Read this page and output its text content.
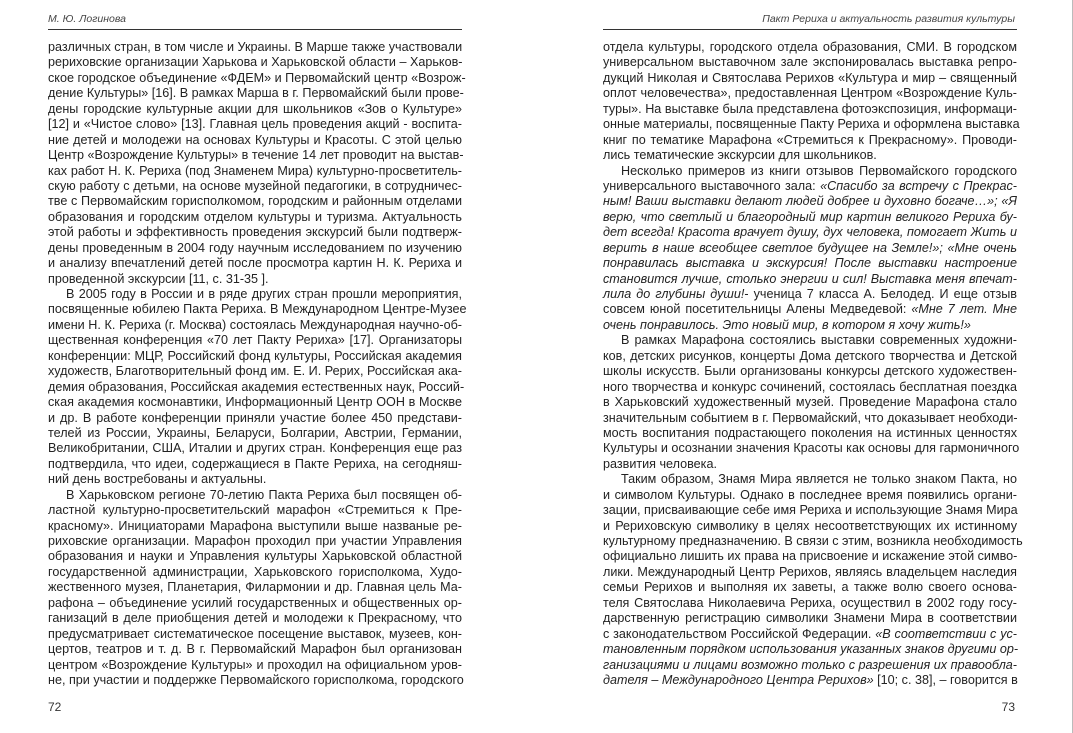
М. Ю. Логинова
различных стран, в том числе и Украины. В Марше также участвовали
рериховские организации Харькова и Харьковской области – Харьков-
ское городское объединение «ФДЕМ» и Первомайский центр «Возрож-
дение Культуры» [16]. В рамках Марша в г. Первомайский были прове-
дены городские культурные акции для школьников «Зов о Культуре»
[12] и «Чистое слово» [13]. Главная цель проведения акций - воспита-
ние детей и молодежи на основах Культуры и Красоты. С этой целью
Центр «Возрождение Культуры» в течение 14 лет проводит на выстав-
ках работ Н. К. Рериха (под Знаменем Мира) культурно-просветитель-
скую работу с детьми, на основе музейной педагогики, в сотрудничес-
тве с Первомайским горисполкомом, городским и районным отделами
образования и городским отделом культуры и туризма. Актуальность
этой работы и эффективность проведения экскурсий были подтверж-
дены проведенным в 2004 году научным исследованием по изучению
и анализу впечатлений детей после просмотра картин Н. К. Рериха и
проведенной экскурсии [11, с. 31-35 ].
В 2005 году в России и в ряде других стран прошли мероприятия,
посвященные юбилею Пакта Рериха. В Международном Центре-Музее
имени Н. К. Рериха (г. Москва) состоялась Международная научно-об-
щественная конференция «70 лет Пакту Рериха» [17]. Организаторы
конференции: МЦР, Российский фонд культуры, Российская академия
художеств, Благотворительный фонд им. Е. И. Рерих, Российская ака-
демия образования, Российская академия естественных наук, Россий-
ская академия космонавтики, Информационный Центр ООН в Москве
и др. В работе конференции приняли участие более 450 представи-
телей из России, Украины, Беларуси, Болгарии, Австрии, Германии,
Великобритании, США, Италии и других стран. Конференция еще раз
подтвердила, что идеи, содержащиеся в Пакте Рериха, на сегодняш-
ний день востребованы и актуальны.
В Харьковском регионе 70-летию Пакта Рериха был посвящен об-
ластной культурно-просветительский марафон «Стремиться к Пре-
красному». Инициаторами Марафона выступили выше названые ре-
риховские организации. Марафон проходил при участии Управления
образования и науки и Управления культуры Харьковской областной
государственной администрации, Харьковского горисполкома, Худо-
жественного музея, Планетария, Филармонии и др. Главная цель Ма-
рафона – объединение усилий государственных и общественных ор-
ганизаций в деле приобщения детей и молодежи к Прекрасному, что
предусматривает систематическое посещение выставок, музеев, кон-
цертов, театров и т. д. В г. Первомайский Марафон был организован
центром «Возрождение Культуры» и проходил на официальном уров-
не, при участии и поддержке Первомайского горисполкома, городского
72
Пакт Рериха и актуальность развития культуры
отдела культуры, городского отдела образования, СМИ. В городском
универсальном выставочном зале экспонировалась выставка репро-
дукций Николая и Святослава Рерихов «Культура и мир – священный
оплот человечества», предоставленная Центром «Возрождение Куль-
туры». На выставке была представлена фотоэкспозиция, информаци-
онные материалы, посвященные Пакту Рериха и оформлена выставка
книг по тематике Марафона «Стремиться к Прекрасному». Проводи-
лись тематические экскурсии для школьников.
Несколько примеров из книги отзывов Первомайского городского
универсального выставочного зала: «Спасибо за встречу с Прекрас-
ным! Ваши выставки делают людей добрее и духовно богаче…»; «Я
верю, что светлый и благородный мир картин великого Рериха бу-
дет всегда! Красота врачует душу, дух человека, помогает Жить и
верить в наше всеобщее светлое будущее на Земле!»; «Мне очень
понравилась выставка и экскурсия! После выставки настроение
становится лучше, столько энергии и сил! Выставка меня впечат-
лила до глубины души!- ученица 7 класса А. Белодед. И еще отзыв
совсем юной посетительницы Алены Медведевой: «Мне 7 лет. Мне
очень понравилось. Это новый мир, в котором я хочу жить!»
В рамках Марафона состоялись выставки современных художни-
ков, детских рисунков, концерты Дома детского творчества и Детской
школы искусств. Были организованы конкурсы детского художествен-
ного творчества и конкурс сочинений, состоялась бесплатная поездка
в Харьковский художественный музей. Проведение Марафона стало
значительным событием в г. Первомайский, что доказывает необходи-
мость воспитания подрастающего поколения на истинных ценностях
Культуры и осознании значения Красоты как основы для гармоничного
развития человека.
Таким образом, Знамя Мира является не только знаком Пакта, но
и символом Культуры. Однако в последнее время появились органи-
зации, присваивающие себе имя Рериха и использующие Знамя Мира
и Рериховскую символику в целях несоответствующих их истинному
культурному предназначению. В связи с этим, возникла необходимость
официально лишить их права на присвоение и искажение этой симво-
лики. Международный Центр Рерихов, являясь владельцем наследия
семьи Рерихов и выполняя их заветы, а также волю своего основа-
теля Святослава Николаевича Рериха, осуществил в 2002 году госу-
дарственную регистрацию символики Знамени Мира в соответствии
с законодательством Российской Федерации. «В соответствии с ус-
тановленным порядком использования указанных знаков другими ор-
ганизациями и лицами возможно только с разрешения их правообла-
дателя – Международного Центра Рерихов» [10; с. 38], – говорится в
73
